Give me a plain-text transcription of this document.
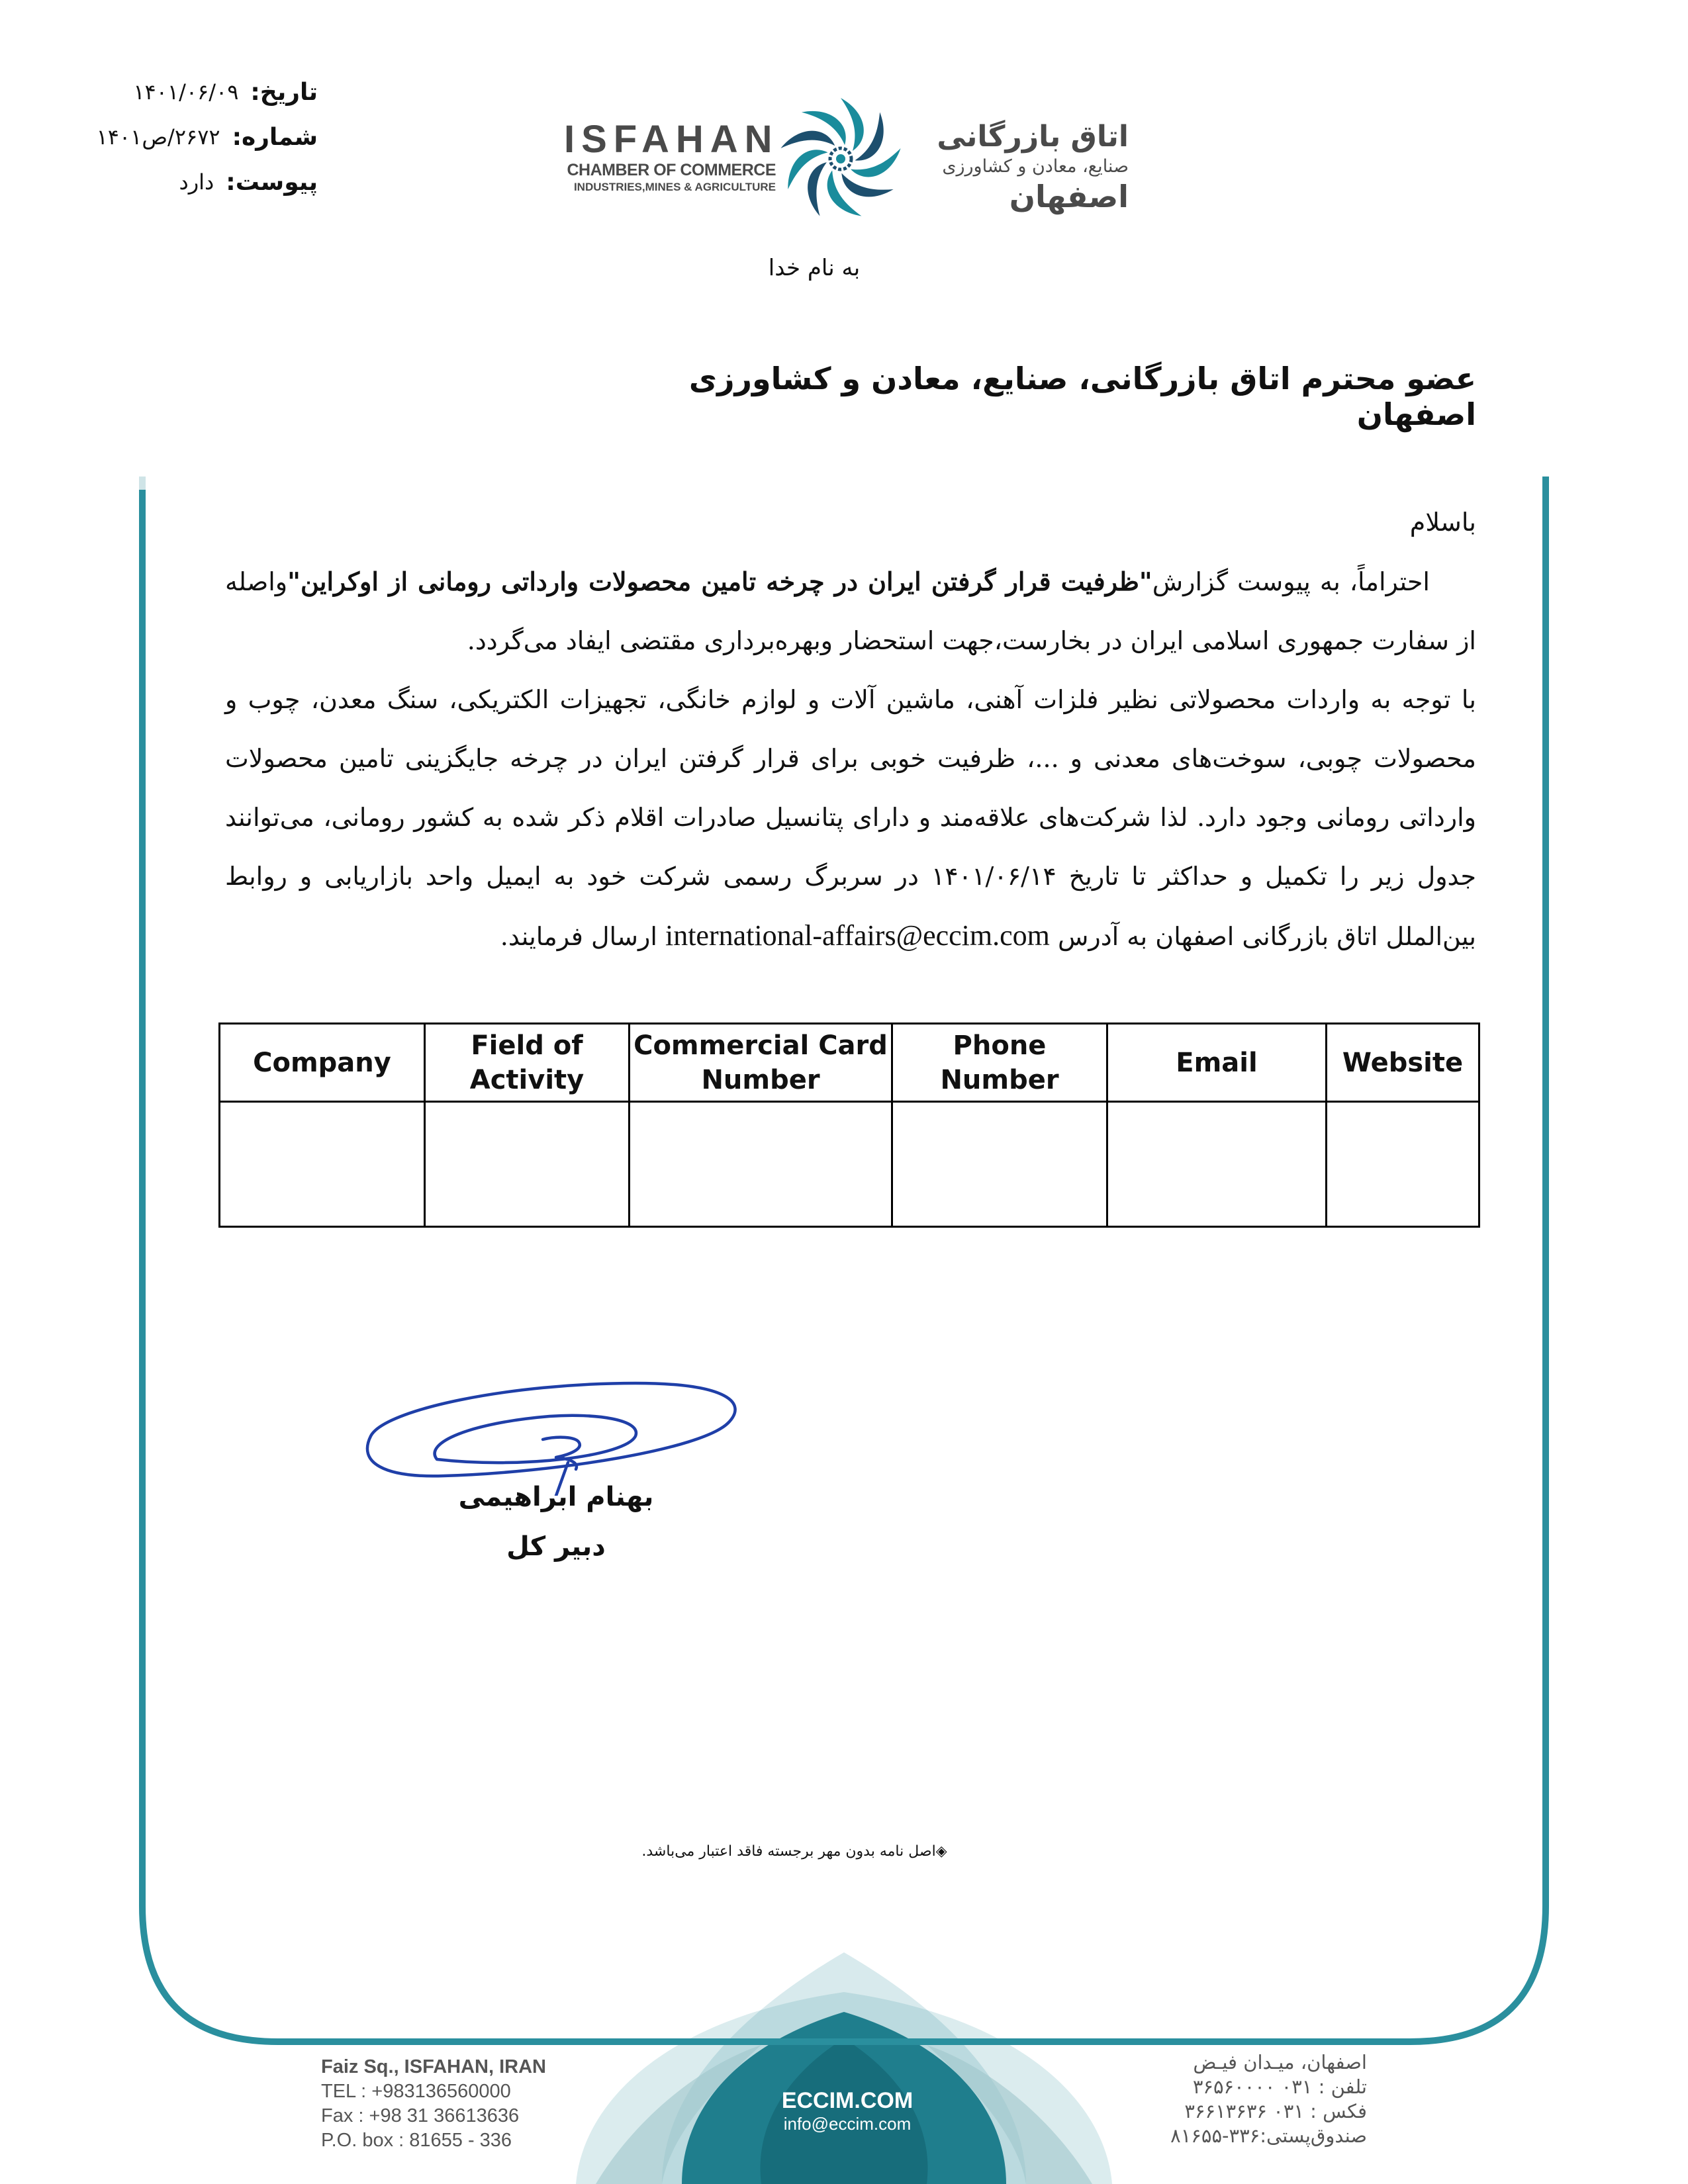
تاریخ:
۱۴۰۱/۰۶/۰۹
شماره:
۲۶۷۲/ص۱۴۰۱
پیوست:
دارد
ISFAHAN
CHAMBER OF COMMERCE
INDUSTRIES,MINES & AGRICULTURE
اتاق بازرگانی
صنایع، معادن و کشاورزی
اصفهان
به نام خدا
عضو محترم اتاق بازرگانی، صنایع، معادن و کشاورزی اصفهان

باسلام

احتراماً، به پیوست گزارش"ظرفیت قرار گرفتن ایران در چرخه تامین محصولات وارداتی رومانی از اوکراین"واصله از سفارت جمهوری اسلامی ایران در بخارست،جهت استحضار وبهره‌برداری مقتضی ایفاد می‌گردد.

با توجه به واردات محصولاتی نظیر فلزات آهنی، ماشین آلات و لوازم خانگی، تجهیزات الکتریکی، سنگ معدن، چوب و محصولات چوبی، سوخت‌های معدنی و ...، ظرفیت خوبی برای قرار گرفتن ایران در چرخه جایگزینی تامین محصولات وارداتی رومانی وجود دارد. لذا شرکت‌های علاقه‌مند و دارای پتانسیل صادرات اقلام ذکر شده به کشور رومانی، می‌توانند جدول زیر را تکمیل و حداکثر تا تاریخ ۱۴۰۱/۰۶/۱۴ در سربرگ رسمی شرکت خود به ایمیل واحد بازاریابی و روابط بین‌الملل اتاق بازرگانی اصفهان به آدرس international-affairs@eccim.com ارسال فرمایند.

Company	Field of Activity	Commercial Card Number	Phone Number	Email	Website

بهنام ابراهیمی
دبیر کل
◈اصل نامه بدون مهر برجسته فاقد اعتبار می‌باشد.
Faiz Sq., ISFAHAN, IRAN
TEL : +983136560000
Fax : +98 31 36613636
P.O. box : 81655 - 336
ECCIM.COM
info@eccim.com
اصفهان، میـدان فیـض
تلفن : ۰۳۱ ۳۶۵۶۰۰۰۰
فکس : ۰۳۱ ۳۶۶۱۳۶۳۶
صندوق‌پستی:۳۳۶-۸۱۶۵۵
